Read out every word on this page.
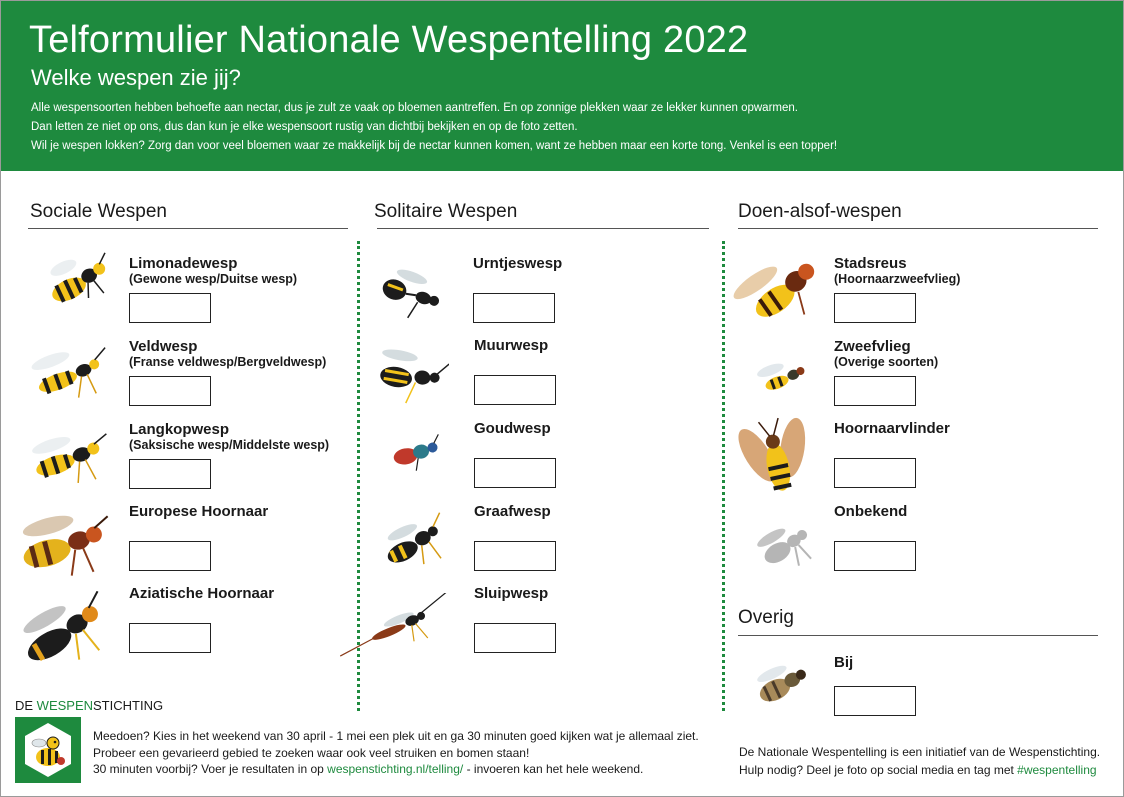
Telformulier Nationale Wespentelling 2022
Welke wespen zie jij?
Alle wespensoorten hebben behoefte aan nectar, dus je zult ze vaak op bloemen aantreffen. En op zonnige plekken waar ze lekker kunnen opwarmen.
Dan letten ze niet op ons, dus dan kun je elke wespensoort rustig van dichtbij bekijken en op de foto zetten.
Wil je wespen lokken? Zorg dan voor veel bloemen waar ze makkelijk bij de nectar kunnen komen, want ze hebben maar een korte tong. Venkel is een topper!
Sociale Wespen	Solitaire Wespen	Doen-alsof-wespen
Overig
Limonadewesp
(Gewone wesp/Duitse wesp)
Veldwesp
(Franse veldwesp/Bergveldwesp)
Langkopwesp
(Saksische wesp/Middelste wesp)
Europese Hoornaar
Aziatische Hoornaar
Urntjeswesp
Muurwesp
Goudwesp
Graafwesp
Sluipwesp
Stadsreus
(Hoornaarzweefvlieg)
Zweefvlieg
(Overige soorten)
Hoornaarvlinder
Onbekend
Bij
DE WESPENSTICHTING
Meedoen? Kies in het weekend van 30 april - 1 mei een plek uit en ga 30 minuten goed kijken wat je allemaal ziet.
Probeer een gevarieerd gebied te zoeken waar ook veel struiken en bomen staan!
30 minuten voorbij? Voer je resultaten in op wespenstichting.nl/telling/ - invoeren kan het hele weekend.
De Nationale Wespentelling is een initiatief van de Wespenstichting.
Hulp nodig? Deel je foto op social media en tag met #wespentelling
